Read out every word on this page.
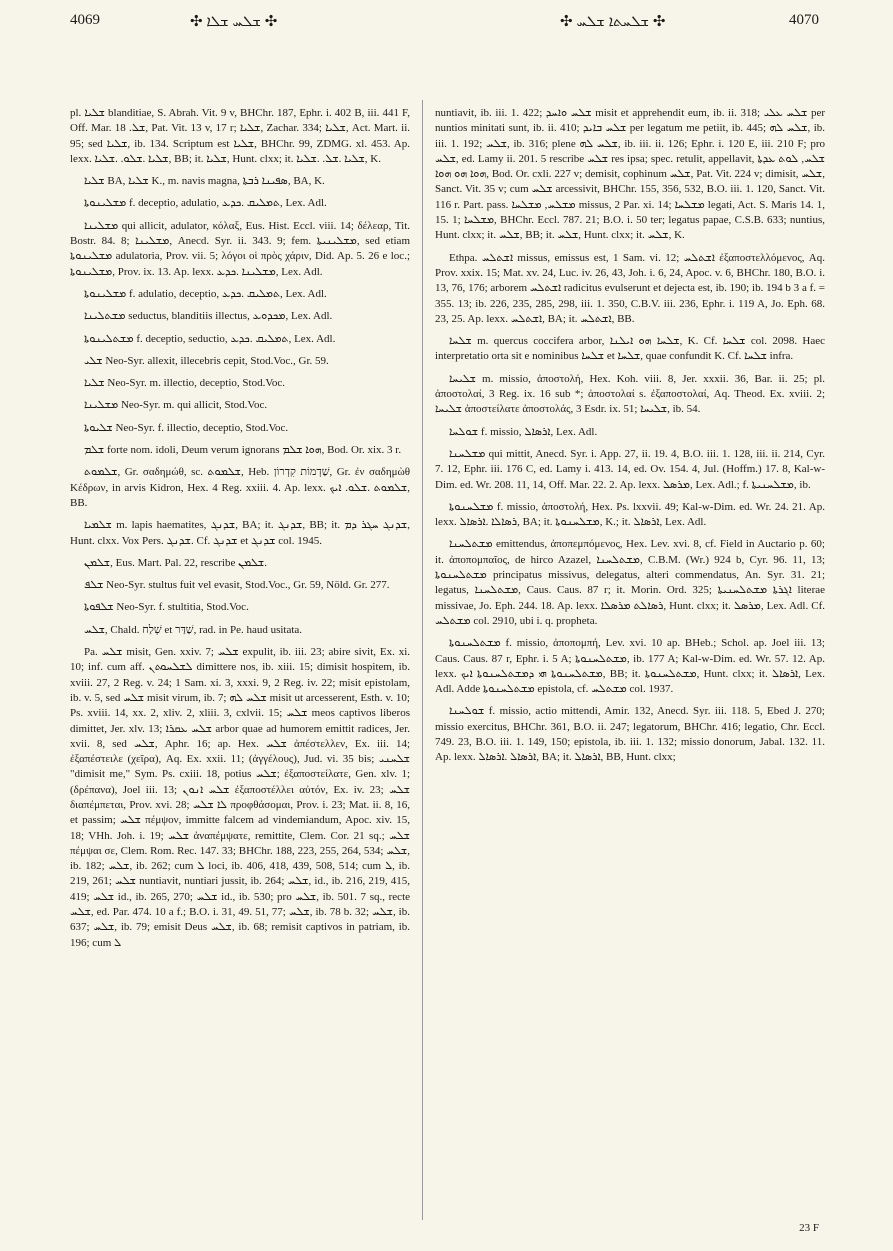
4069	✣ ܫܠܚ ܫܠܐ ✣	✣ ܫܠܚܬܐ ܫܠܚ ✣	4070

pl. ܫܠܝܐ blanditiae, S. Abrah. Vit. 9 v, BHChr. 187, Ephr. i. 402 B, iii. 441 F, Off. Mar. ܫܠ. 18, Pat. Vit. 13 v, 17 r; ܫܠܝܐ, Zachar. 334; ܫܠܝܐ, Act. Mart. ii. 95; sed ܫܠܝܐ, ib. 134. Scriptum est ܫܠܝܐ, BHChr. 99, ZDMG. xl. 453. Ap. lexx. ܫܠܝܐ .ܫܠܘ. .ܫܠܝܐ, BB; it. ܫܠܝܐ, Hunt. clxx; it. ܫܠܝܐ .ܫܠ. .ܫܠܝܐ, K.

ܫܠܝܐ BA, ܫܠܝܐ K., m. navis magna, ܣܦܝܢܐ ܪܒܬܐ, BA, K.

ܡܫܠܝܢܘܬܐ f. deceptio, adulatio, ܬܡܠܝܩ .ܟܕܥ, Lex. Adl.

ܡܫܠܝܢܐ qui allicit, adulator, κόλαξ, Eus. Hist. Eccl. viii. 14; δέλεαρ, Tit. Bostr. 84. 8; ܡܫܠܝܢܐ, Anecd. Syr. ii. 343. 9; fem. ܡܫܠܝܢܝܬܐ, sed etiam ܡܫܠܝܢܘܬܐ adulatoria, Prov. vii. 5; λόγοι οἱ πρὸς χάριν, Did. Ap. 5. 26 e loc.; ܡܫܠܝܢܘܬܐ, Prov. ix. 13. Ap. lexx. ܡܫܠܝܢܐ .ܟܕܥ, Lex. Adl.

ܡܫܠܝܢܘܬܐ f. adulatio, deceptio, ܬܡܠܝܩ .ܟܕܥ, Lex. Adl.

ܡܫܬܠܝܢܐ seductus, blanditiis illectus, ܡܟܕܘܥ, Lex. Adl.

ܡܫܬܠܝܢܘܬܐ f. deceptio, seductio, ܬܡܠܝܩ .ܟܕܥ, Lex. Adl.

ܫܠܝ Neo-Syr. allexit, illecebris cepit, Stod.Voc., Gr. 59.

ܫܠܝܐ Neo-Syr. m. illectio, deceptio, Stod.Voc.

ܡܫܠܝܢܐ Neo-Syr. m. qui allicit, Stod.Voc.

ܫܠܝܘܬܐ Neo-Syr. f. illectio, deceptio, Stod.Voc.

ܫܠܡ forte nom. idoli, Deum verum ignorans ܗܘܐ ܫܠܡ, Bod. Or. xix. 3 r.

ܫܠܡܘܬ, Gr. σαδημώθ, sc. ܫܠܡܘܬ, Heb. שַׁדְמוֹת קִדְרוֹן, Gr. ἐν σαδημὼθ Κέδρων, in arvis Kidron, Hex. 4 Reg. xxiii. 4. Ap. lexx. ܫܠܡܘܬ .ܫܠܘ. ܐܝܟ, BB.

ܫܠܡܝܐ m. lapis haematites, ܫܕܢܓ, BA; it. ܫܕܢܓ, BB; it. ܫܕܢܓ ܚܓܪ ܕܡ, Hunt. clxx. Vox Pers. ܫܕܢܓ. Cf. ܫܕܢܓ et ܫܕܢܓ col. 1945.

ܫܠܡܢ, Eus. Mart. Pal. 22, rescribe ܫܠܡܢ.

ܫܠܦ Neo-Syr. stultus fuit vel evasit, Stod.Voc., Gr. 59, Nöld. Gr. 277.

ܫܠܦܘܬܐ Neo-Syr. f. stultitia, Stod.Voc.

ܫܠܚ, Chald. שְׁלַח et שַׁדַּר, rad. in Pe. haud usitata.

Pa. ܫܠܚ misit, Gen. xxiv. 7; ܫܠܚ expulit, ib. iii. 23; abire sivit, Ex. xi. 10; inf. cum aff. ܠܫܠܚܘܬܢ dimittere nos, ib. xiii. 15; dimisit hospitem, ib. xviii. 27, 2 Reg. v. 24; 1 Sam. xi. 3, xxxi. 9, 2 Reg. iv. 22; misit epistolam, ib. v. 5, sed ܫܠܚ misit virum, ib. 7; ܫܠܚ ܠܗ misit ut arcesserent, Esth. v. 10; Ps. xviii. 14, xx. 2, xliv. 2, xliii. 3, cxlvii. 15; ܫܠܚ meos captivos liberos dimittet, Jer. xlv. 13; ܫܠܚ ܥܩܪܐ arbor quae ad humorem emittit radices, Jer. xvii. 8, sed ܫܠܚ, Aphr. 16; ap. Hex. ܫܠܚ ἀπέστελλεν, Ex. iii. 14; ἐξαπέστειλε (χεῖρα), Aq. Ex. xxii. 11; (ἀγγέλους), Jud. vi. 35 bis; ܫܠܚܢܝ "dimisit me," Sym. Ps. cxiii. 18, potius ܫܠܚ; ἐξαποστείλατε, Gen. xlv. 1; (δρέπανα), Joel iii. 13; ܫܠܚ ܐܢܘܢ ἐξαποστέλλει αὐτόν, Ex. iv. 23; ܫܠܚ διαπέμπεται, Prov. xvi. 28; ܠܐ ܫܠܚ προφθάσομαι, Prov. i. 23; Mat. ii. 8, 16, et passim; ܫܠܚ πέμψον, immitte falcem ad vindemiandum, Apoc. xiv. 15, 18; VHh. Joh. i. 19; ܫܠܚ ἀναπέμψατε, remittite, Clem. Cor. 21 sq.; ܫܠܚ πέμψαι σε, Clem. Rom. Rec. 147. 33; BHChr. 188, 223, 255, 264, 534; ܫܠܚ, ib. 182; ܫܠܚ, ib. 262; cum ܠ loci, ib. 406, 418, 439, 508, 514; cum ܠ, ib. 219, 261; ܫܠܚ nuntiavit, nuntiari jussit, ib. 264; ܫܠܚ, id., ib. 216, 219, 415, 419; ܫܠܚ id., ib. 265, 270; ܫܠܚ id., ib. 530; pro ܫܠܚ, ib. 501. 7 sq., recte ܫܠܚ, ed. Par. 474. 10 a f.; B.O. i. 31, 49. 51, 77; ܫܠܚ, ib. 78 b. 32; ܫܠܚ, ib. 637; ܫܠܚ, ib. 79; emisit Deus ܫܠܚ, ib. 68; remisit captivos in patriam, ib. 196; cum ܠ

nuntiavit, ib. iii. 1. 422; ܫܠܚ ܘܐܚܕ misit et apprehendit eum, ib. ii. 318; ܫܠܚ ܥܠܝ per nuntios minitati sunt, ib. ii. 410; ܫܠܚ ܒܐܝܕ per legatum me petiit, ib. 445; ܫܠܚ ܠܗ, ib. iii. 1. 192; ܫܠܚ, ib. 316; plene ܫܠܚ ܠܗ, ib. iii. ii. 126; Ephr. i. 120 E, iii. 210 F; pro ܫܠܚ, ed. Lamy ii. 201. 5 rescribe ܫܠܚ res ipsa; spec. retulit, appellavit, ܫܠܚ, ܠܘܬ ܥܕܬܐ ܗܘܐ ܗܘ ܗܘܐ, Bod. Or. cxli. 227 v; demisit, cophinum ܫܠܚ, Pat. Vit. 224 v; dimisit, ܫܠܚ, Sanct. Vit. 35 v; cum ܫܠܚ arcessivit, BHChr. 155, 356, 532, B.O. iii. 1. 120, Sanct. Vit. 116 r. Part. pass. ܡܫܠܚ, ܡܫܠܚܐ missus, 2 Par. xi. 14; ܡܫܠܚܐ legati, Act. S. Maris 14. 1, 15. 1; ܡܫܠܚܐ, BHChr. Eccl. 787. 21; B.O. i. 50 ter; legatus papae, C.S.B. 633; nuntius, Hunt. clxx; it. ܫܠܚ, BB; it. ܫܠܚ, Hunt. clxx; it. ܫܠܚ, K.

Ethpa. ܐܫܬܠܚ missus, emissus est, 1 Sam. vi. 12; ܐܫܬܠܚ ἐξαποστελλόμενος, Aq. Prov. xxix. 15; Mat. xv. 24, Luc. iv. 26, 43, Joh. i. 6, 24, Apoc. v. 6, BHChr. 180, B.O. i. 13, 76, 176; arborem ܐܫܬܠܚ radicitus evulserunt et dejecta est, ib. 190; ib. 194 b 3 a f. = 355. 13; ib. 226, 235, 285, 298, iii. 1. 350, C.B.V. iii. 236, Ephr. i. 119 A, Jo. Eph. 68. 23, 25. Ap. lexx. ܐܫܬܠܚ, BA; it. ܐܫܬܠܚ, BB.

ܫܠܚܐ m. quercus coccifera arbor, ܫܠܚܐ ܗܘ ܐܝܠܢܐ, K. Cf. ܫܠܚܐ col. 2098. Haec interpretatio orta sit e nominibus ܫܠܚܐ et ܫܠܚܐ, quae confundit K. Cf. ܫܠܚܐ infra.

ܫܠܝܚܐ m. missio, ἀποστολή, Hex. Koh. viii. 8, Jer. xxxii. 36, Bar. ii. 25; pl. ἀποστολαί, 3 Reg. ix. 16 sub *; ἀποστολαί s. ἐξαποστολαί, Aq. Theod. Ex. xviii. 2; ܫܠܝܚܐ ἀποστείλατε ἀποστολάς, 3 Esdr. ix. 51; ܫܠܝܚܐ, ib. 54.

ܫܘܠܚܐ f. missio, ܐܪܣܐܠ, Lex. Adl.

ܡܫܠܚܢܐ qui mittit, Anecd. Syr. i. App. 27, ii. 19. 4, B.O. iii. 1. 128, iii. ii. 214, Cyr. 7. 12, Ephr. iii. 176 C, ed. Lamy i. 413. 14, ed. Ov. 154. 4, Jul. (Hoffm.) 17. 8, Kal-w-Dim. ed. Wr. 208. 11, 14, Off. Mar. 22. 2. Ap. lexx. ܡܪܣܠ, Lex. Adl.; f. ܡܫܠܚܢܝܬܐ, ib.

ܡܫܠܚܢܘܬܐ f. missio, ἀποστολή, Hex. Ps. lxxvii. 49; Kal-w-Dim. ed. Wr. 24. 21. Ap. lexx. ܪܣܐܠܐ .ܐܪܣܐܠ, BA; it. ܡܫܠܚܢܘܬܐ, K.; it. ܐܪܣܐܠ, Lex. Adl.

ܡܫܬܠܚܢܐ emittendus, ἀποπεμπόμενος, Hex. Lev. xvi. 8, cf. Field in Auctario p. 60; it. ἀποπομπαῖος, de hirco Azazel, ܡܫܬܠܚܢܐ, C.B.M. (Wr.) 924 b, Cyr. 96. 11, 13; ܡܫܬܠܚܢܘܬܐ principatus missivus, delegatus, alteri commendatus, An. Syr. 31. 21; legatus, ܡܫܬܠܚܢܐ, Caus. Caus. 87 r; it. Morin. Ord. 325; ܐܓܪܬܐ ܡܫܬܠܚܢܝܬܐ literae missivae, Jo. Eph. 244. 18. Ap. lexx. ܪܣܐܠܬ ܡܪܣܠܐ, Hunt. clxx; it. ܡܪܣܠ, Lex. Adl. Cf. ܡܫܬܠܚ col. 2910, ubi i. q. propheta.

ܡܫܬܠܚܢܘܬܐ f. missio, ἀποπομπή, Lev. xvi. 10 ap. BHeb.; Schol. ap. Joel iii. 13; Caus. Caus. 87 r, Ephr. i. 5 A; ܡܫܬܠܚܢܘܬܐ, ib. 177 A; Kal-w-Dim. ed. Wr. 57. 12. Ap. lexx. ܡܫܬܠܚܢܘܬܐ ܗܝ ܕܡܫܬܠܚܢܘܬܐ ܐܝܟ, BB; it. ܡܫܬܠܚܢܘܬܐ, Hunt. clxx; it. ܐܪܣܐܠ, Lex. Adl. Adde ܡܫܬܠܚܢܘܬܐ epistola, cf. ܡܫܬܠܚ col. 1937.

ܫܘܠܚܢܐ f. missio, actio mittendi, Amir. 132, Anecd. Syr. iii. 118. 5, Ebed J. 270; missio exercitus, BHChr. 361, B.O. ii. 247; legatorum, BHChr. 416; legatio, Chr. Eccl. 749. 23, B.O. iii. 1. 149, 150; epistola, ib. iii. 1. 132; missio donorum, Jabal. 132. 11. Ap. lexx. ܐܪܣܐܠ .ܐܪܣܐܠ, BA; it. ܐܪܣܐܠ, BB, Hunt. clxx;

23 F
